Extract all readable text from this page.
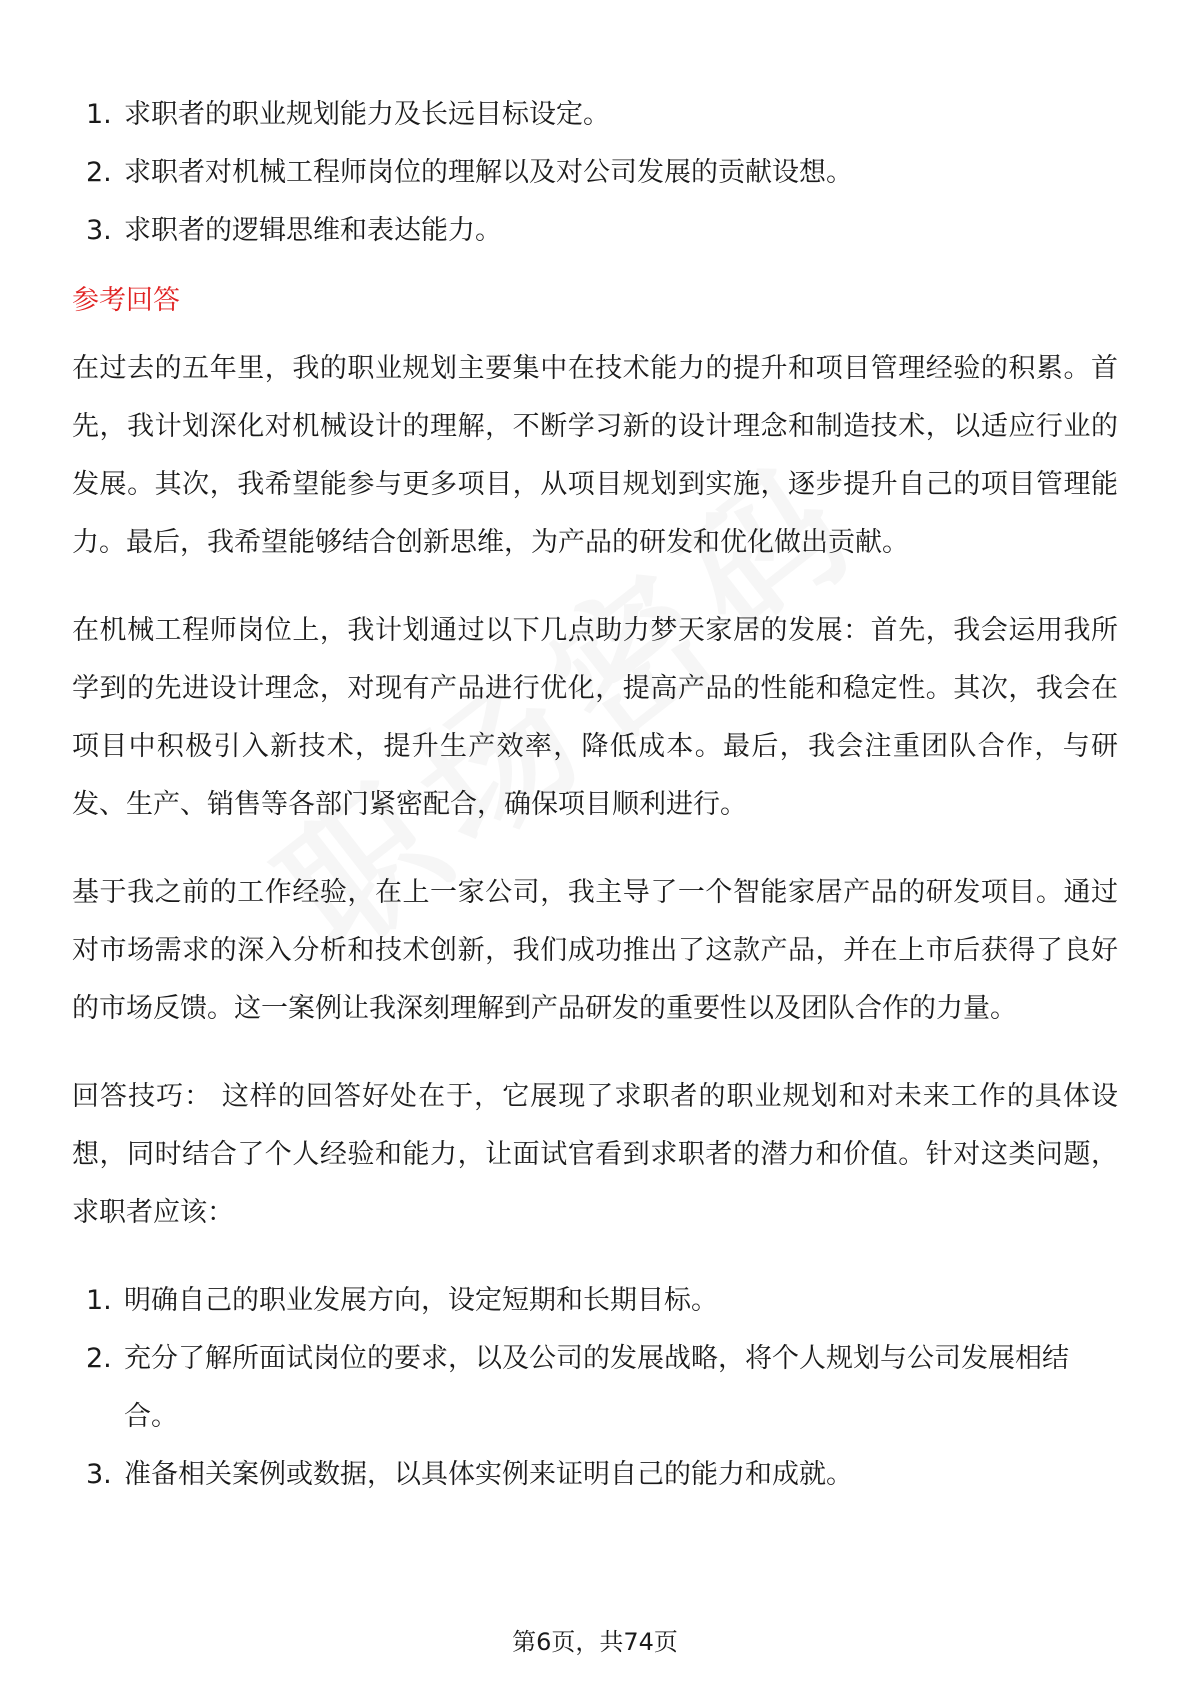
1. 求职者的职业规划能力及长远目标设定。
2. 求职者对机械工程师岗位的理解以及对公司发展的贡献设想。
3. 求职者的逻辑思维和表达能力。
参考回答

在过去的五年里，我的职业规划主要集中在技术能力的提升和项目管理经验的积累。首先，我计划深化对机械设计的理解，不断学习新的设计理念和制造技术，以适应行业的发展。其次，我希望能参与更多项目，从项目规划到实施，逐步提升自己的项目管理能力。最后，我希望能够结合创新思维，为产品的研发和优化做出贡献。

在机械工程师岗位上，我计划通过以下几点助力梦天家居的发展：首先，我会运用我所学到的先进设计理念，对现有产品进行优化，提高产品的性能和稳定性。其次，我会在项目中积极引入新技术，提升生产效率，降低成本。最后，我会注重团队合作，与研发、生产、销售等各部门紧密配合，确保项目顺利进行。

基于我之前的工作经验，在上一家公司，我主导了一个智能家居产品的研发项目。通过对市场需求的深入分析和技术创新，我们成功推出了这款产品，并在上市后获得了良好的市场反馈。这一案例让我深刻理解到产品研发的重要性以及团队合作的力量。

回答技巧： 这样的回答好处在于，它展现了求职者的职业规划和对未来工作的具体设想，同时结合了个人经验和能力，让面试官看到求职者的潜力和价值。针对这类问题，求职者应该：

1. 明确自己的职业发展方向，设定短期和长期目标。
2. 充分了解所面试岗位的要求，以及公司的发展战略，将个人规划与公司发展相结合。
3. 准备相关案例或数据，以具体实例来证明自己的能力和成就。
第6页，共74页
